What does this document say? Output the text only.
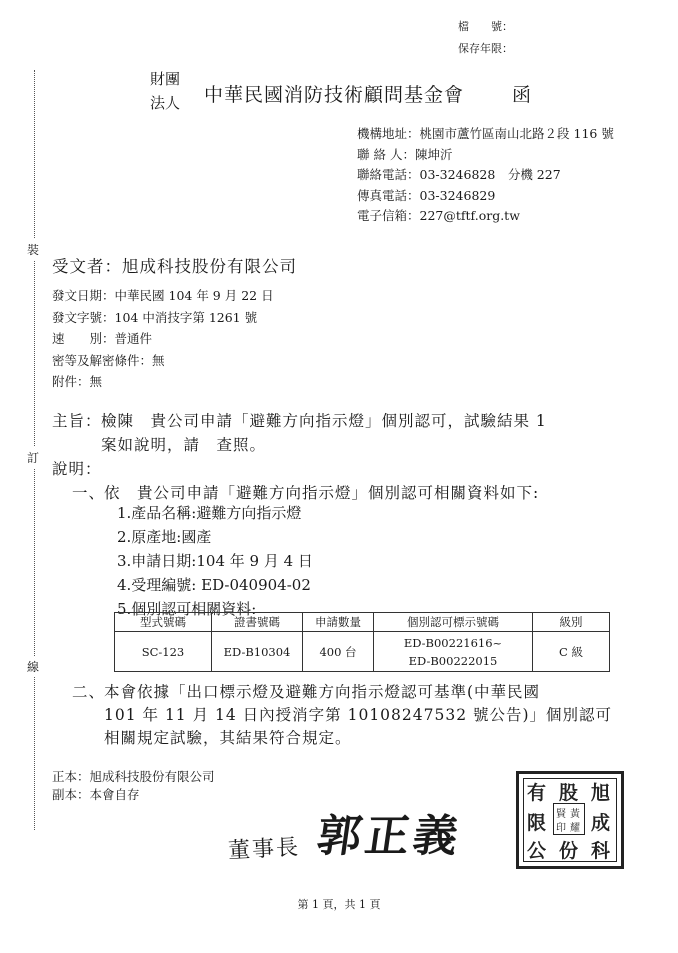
檔　　號：
保存年限：
裝
訂
線
財團
法人 中華民國消防技術顧問基金會	函
機構地址：桃園市蘆竹區南山北路２段 116 號
聯 絡 人：陳坤沂
聯絡電話：03-3246828　分機 227
傳真電話：03-3246829
電子信箱：227@tftf.org.tw
受文者：旭成科技股份有限公司
發文日期：中華民國 104 年 9 月 22 日
發文字號：104 中消技字第 1261 號
速　　別：普通件
密等及解密條件：無
附件：無
主旨： 檢陳　貴公司申請「避難方向指示燈」個別認可，試驗結果 1
案如說明，請　查照。
說明：
一、
依　貴公司申請「避難方向指示燈」個別認可相關資料如下:
1.產品名稱:避難方向指示燈
2.原產地:國產
3.申請日期:104 年 9 月 4 日
4.受理編號: ED-040904-02
5.個別認可相關資料:
型式號碼	證書號碼	申請數量	個別認可標示號碼	級別
SC-123	ED-B10304	400 台	ED-B00221616~
ED-B00222015	C 級
二、
本會依據「出口標示燈及避難方向指示燈認可基準(中華民國
101 年 11 月 14 日內授消字第 10108247532 號公告)」個別認可
相關規定試驗，其結果符合規定。
正本：旭成科技股份有限公司
副本：本會自存
董事長 郭正義
有 股 旭
限 成
公 份 科
賢 黃
印 耀
第 1 頁，共 1 頁
